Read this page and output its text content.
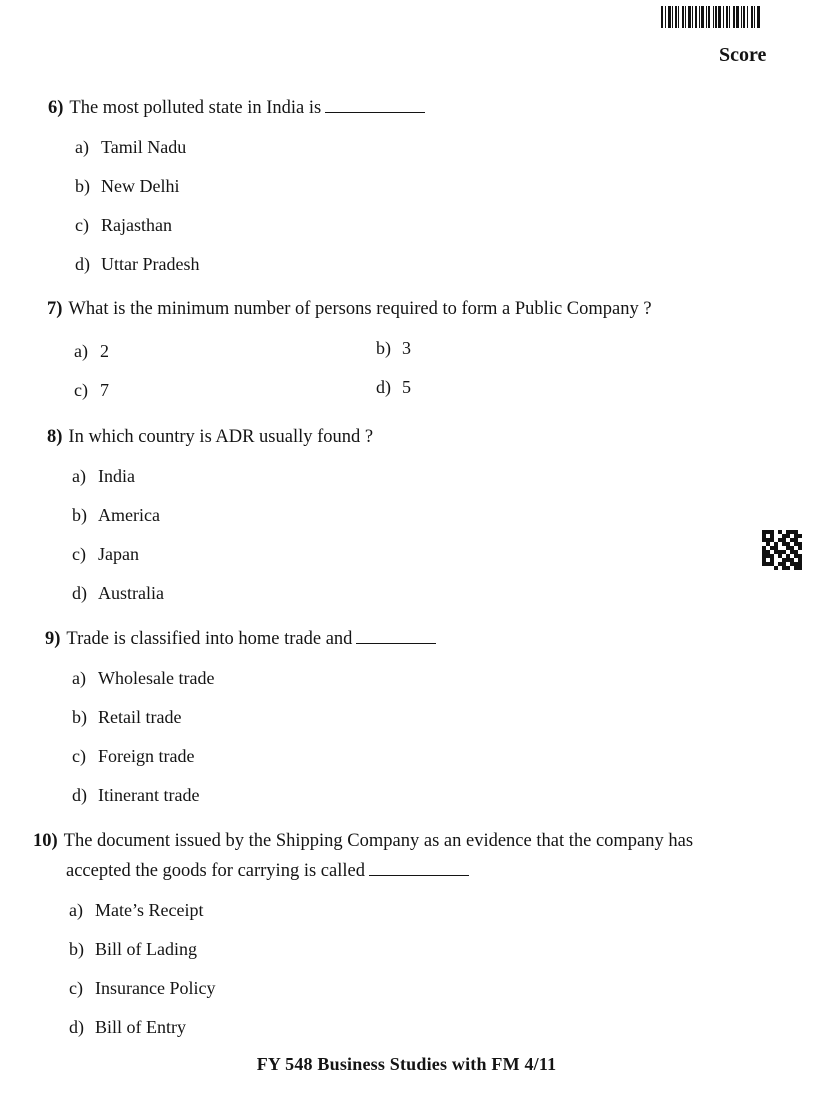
Score
6) The most polluted state in India is
a) Tamil Nadu
b) New Delhi
c) Rajasthan
d) Uttar Pradesh
7) What is the minimum number of persons required to form a Public Company ?
a) 2	b) 3
c) 7	d) 5
8) In which country is ADR usually found ?
a) India
b) America
c) Japan
d) Australia
9) Trade is classified into home trade and
a) Wholesale trade
b) Retail trade
c) Foreign trade
d) Itinerant trade
10) The document issued by the Shipping Company as an evidence that the company has
accepted the goods for carrying is called
a) Mate’s Receipt
b) Bill of Lading
c) Insurance Policy
d) Bill of Entry
FY 548 Business Studies with FM 4/11
